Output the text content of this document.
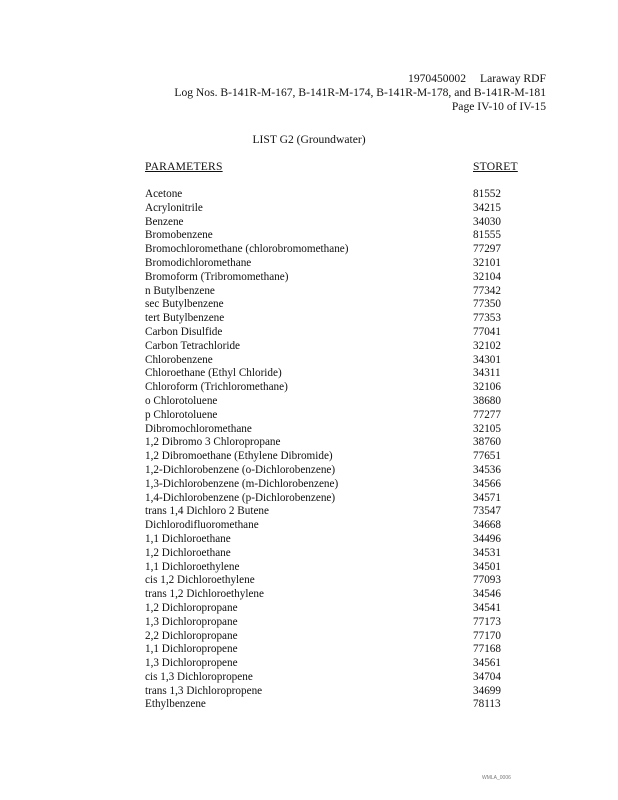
1970450002 Laraway RDF
Log Nos. B-141R-M-167, B-141R-M-174, B-141R-M-178, and B-141R-M-181
Page IV-10 of IV-15
LIST G2 (Groundwater)
PARAMETERS	STORET
Acetone	81552
Acrylonitrile	34215
Benzene	34030
Bromobenzene	81555
Bromochloromethane (chlorobromomethane)	77297
Bromodichloromethane	32101
Bromoform (Tribromomethane)	32104
n Butylbenzene	77342
sec Butylbenzene	77350
tert Butylbenzene	77353
Carbon Disulfide	77041
Carbon Tetrachloride	32102
Chlorobenzene	34301
Chloroethane (Ethyl Chloride)	34311
Chloroform (Trichloromethane)	32106
o Chlorotoluene	38680
p Chlorotoluene	77277
Dibromochloromethane	32105
1,2 Dibromo 3 Chloropropane	38760
1,2 Dibromoethane (Ethylene Dibromide)	77651
1,2-Dichlorobenzene (o-Dichlorobenzene)	34536
1,3-Dichlorobenzene (m-Dichlorobenzene)	34566
1,4-Dichlorobenzene (p-Dichlorobenzene)	34571
trans 1,4 Dichloro 2 Butene	73547
Dichlorodifluoromethane	34668
1,1 Dichloroethane	34496
1,2 Dichloroethane	34531
1,1 Dichloroethylene	34501
cis 1,2 Dichloroethylene	77093
trans 1,2 Dichloroethylene	34546
1,2 Dichloropropane	34541
1,3 Dichloropropane	77173
2,2 Dichloropropane	77170
1,1 Dichloropropene	77168
1,3 Dichloropropene	34561
cis 1,3 Dichloropropene	34704
trans 1,3 Dichloropropene	34699
Ethylbenzene	78113
WMLA_0006
